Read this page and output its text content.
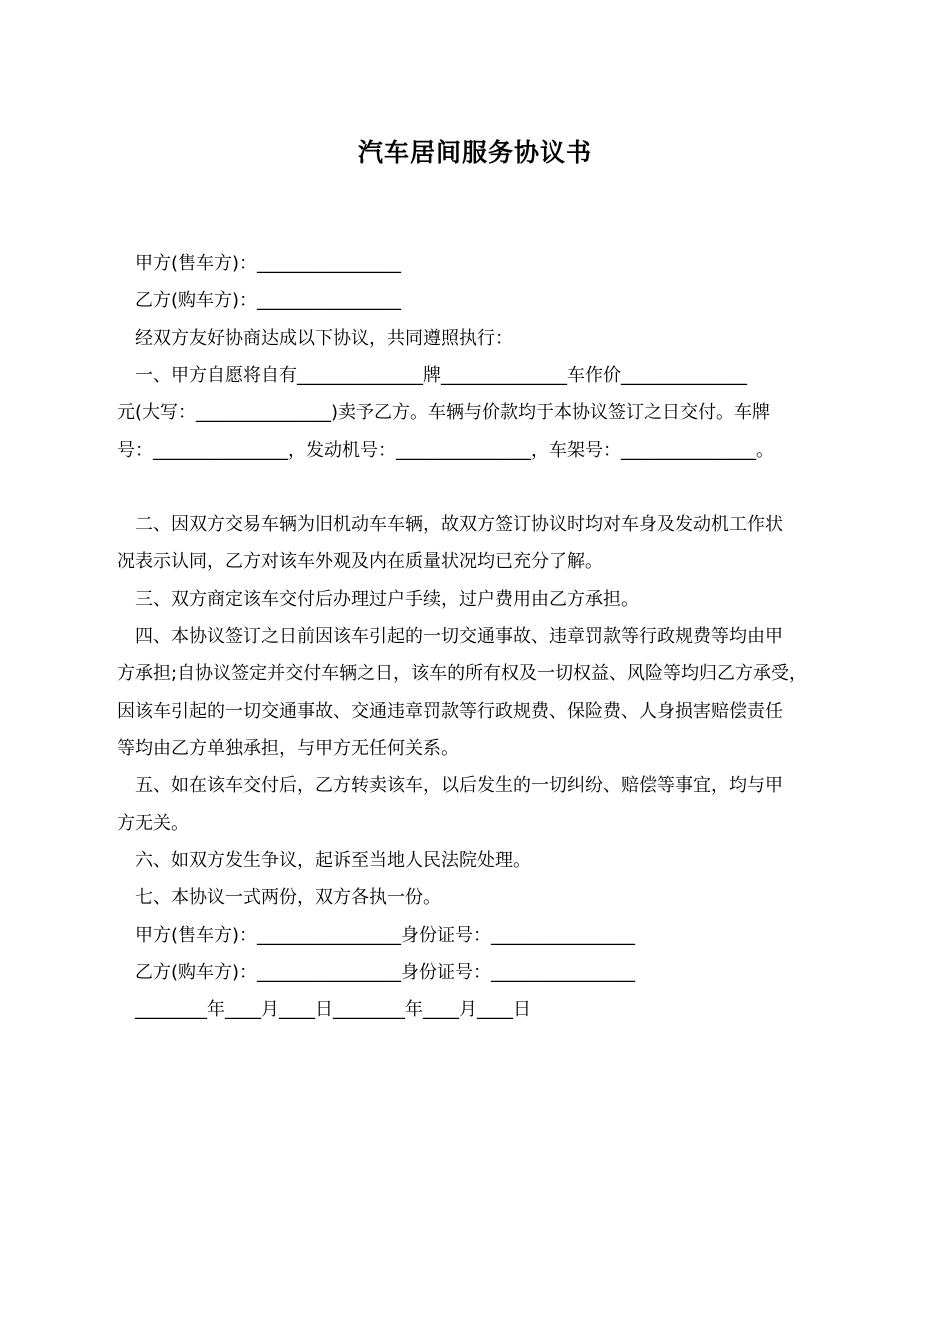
汽车居间服务协议书
甲方(售车方)：________________
乙方(购车方)：________________
经双方友好协商达成以下协议，共同遵照执行：
一、甲方自愿将自有______________牌______________车作价______________
元(大写：_______________)卖予乙方。车辆与价款均于本协议签订之日交付。车牌
号：_______________，发动机号：_______________，车架号：_______________。
二、因双方交易车辆为旧机动车车辆，故双方签订协议时均对车身及发动机工作状
况表示认同，乙方对该车外观及内在质量状况均已充分了解。
三、双方商定该车交付后办理过户手续，过户费用由乙方承担。
四、本协议签订之日前因该车引起的一切交通事故、违章罚款等行政规费等均由甲
方承担;自协议签定并交付车辆之日，该车的所有权及一切权益、风险等均归乙方承受，
因该车引起的一切交通事故、交通违章罚款等行政规费、保险费、人身损害赔偿责任
等均由乙方单独承担，与甲方无任何关系。
五、如在该车交付后，乙方转卖该车，以后发生的一切纠纷、赔偿等事宜，均与甲
方无关。
六、如双方发生争议，起诉至当地人民法院处理。
七、本协议一式两份，双方各执一份。
甲方(售车方)：________________身份证号：________________
乙方(购车方)：________________身份证号：________________
________年____月____日________年____月____日
